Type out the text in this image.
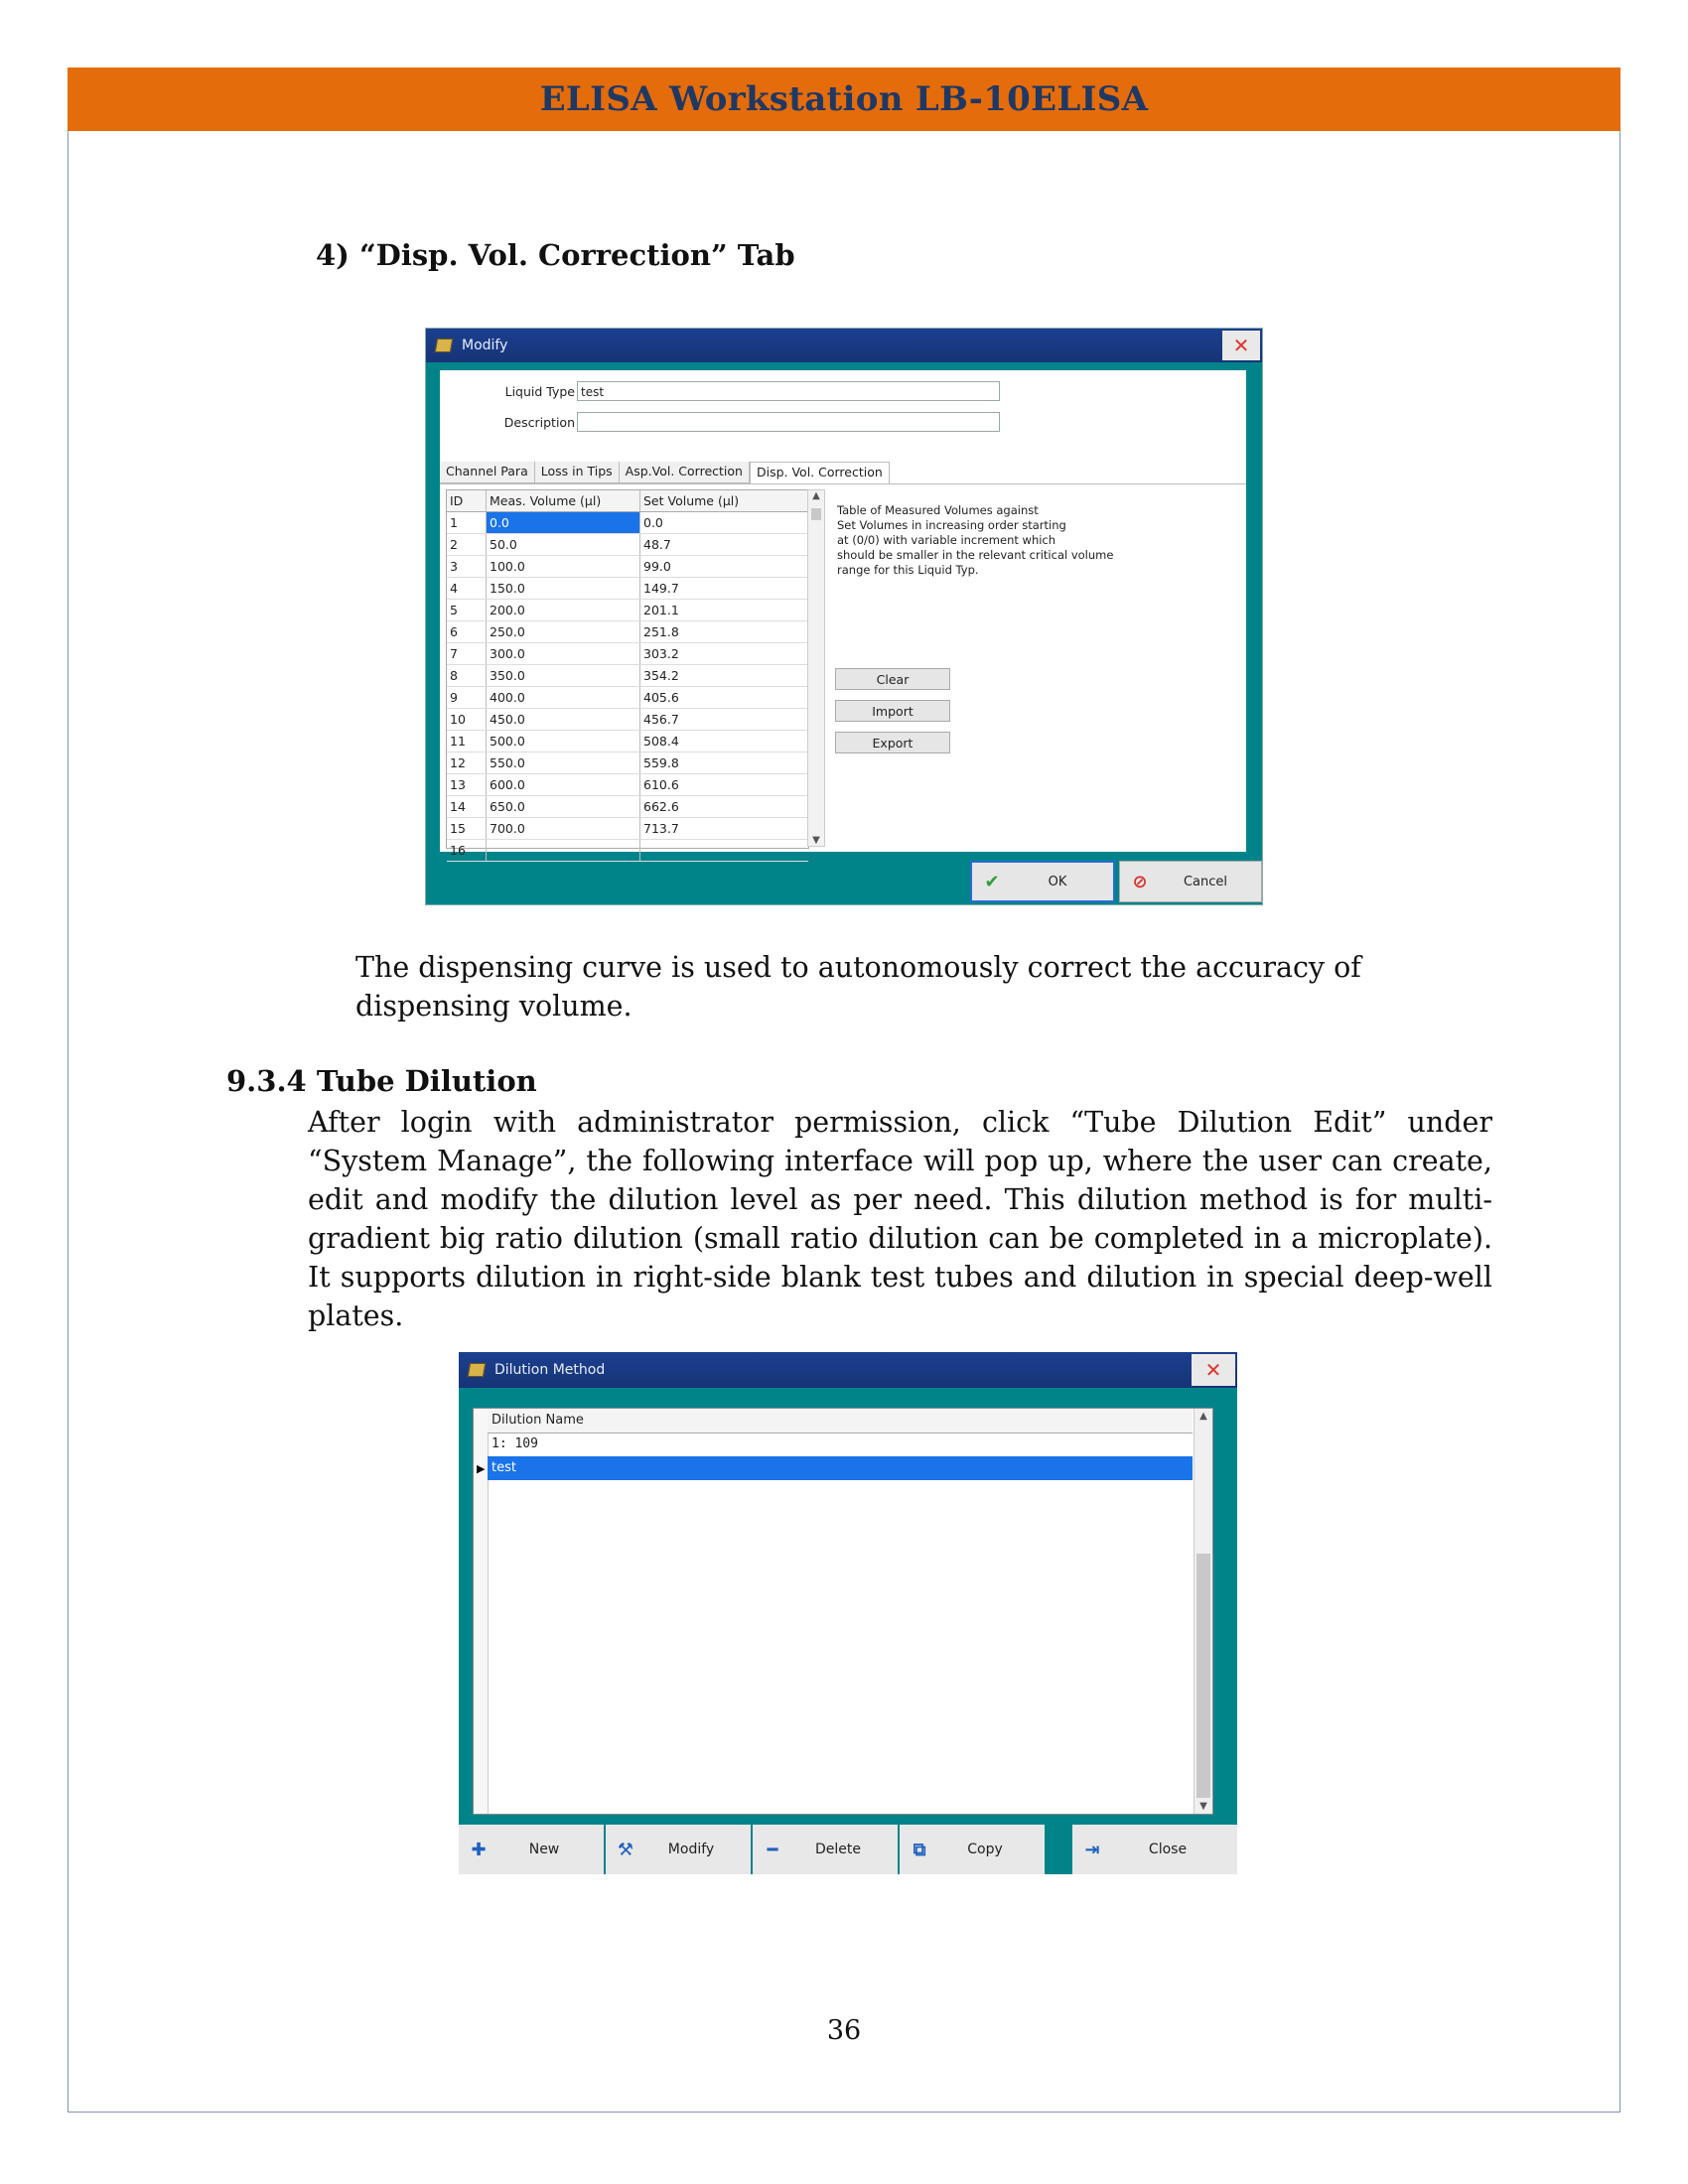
ELISA Workstation LB-10ELISA
4) “Disp. Vol. Correction” Tab
Modify	✕
Liquid Type test
Description
Channel Para	Loss in Tips	Asp.Vol. Correction	Disp. Vol. Correction
ID	Meas. Volume (µl)	Set Volume (µl)
1	0.0	0.0
2	50.0	48.7
3	100.0	99.0
4	150.0	149.7
5	200.0	201.1
6	250.0	251.8
7	300.0	303.2
8	350.0	354.2
9	400.0	405.6
10	450.0	456.7
11	500.0	508.4
12	550.0	559.8
13	600.0	610.6
14	650.0	662.6
15	700.0	713.7
16
▲
▼
Table of Measured Volumes against
Set Volumes in increasing order starting
at (0/0) with variable increment which
should be smaller in the relevant critical volume
range for this Liquid Typ.
Clear
Import
Export
✔	OK	⊘	Cancel
The dispensing curve is used to autonomously correct the accuracy of dispensing volume.
9.3.4 Tube Dilution
After login with administrator permission, click “Tube Dilution Edit” under “System Manage”, the following interface will pop up, where the user can create, edit and modify the dilution level as per need. This dilution method is for multi-gradient big ratio dilution (small ratio dilution can be completed in a microplate). It supports dilution in right-side blank test tubes and dilution in special deep-well plates.
Dilution Method	✕
▶
Dilution Name
1: 109
test
▲
▼
✚	New	⚒	Modify	━	Delete	⧉	Copy	⇥	Close
36
